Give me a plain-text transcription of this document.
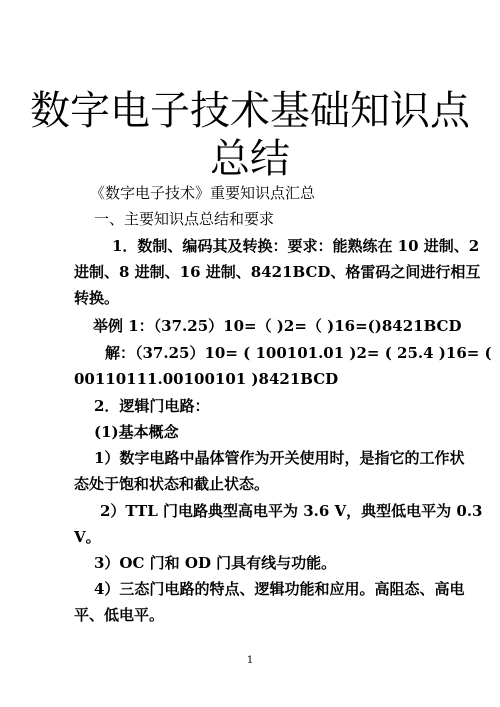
数字电子技术基础知识点
总结
《数字电子技术》重要知识点汇总
一、主要知识点总结和要求
1．数制、编码其及转换：要求：能熟练在 10 进制、2
进制、8 进制、16 进制、8421BCD、格雷码之间进行相互
转换。
举例 1：（37.25）10=（ )2=（ )16=()8421BCD
解：（37.25）10= ( 100101.01 )2= ( 25.4 )16= (
00110111.00100101 )8421BCD
2．逻辑门电路：
(1)基本概念
1）数字电路中晶体管作为开关使用时，是指它的工作状
态处于饱和状态和截止状态。
2）TTL 门电路典型高电平为 3.6 V，典型低电平为 0.3
V。
3）OC 门和 OD 门具有线与功能。
4）三态门电路的特点、逻辑功能和应用。高阻态、高电
平、低电平。
1
